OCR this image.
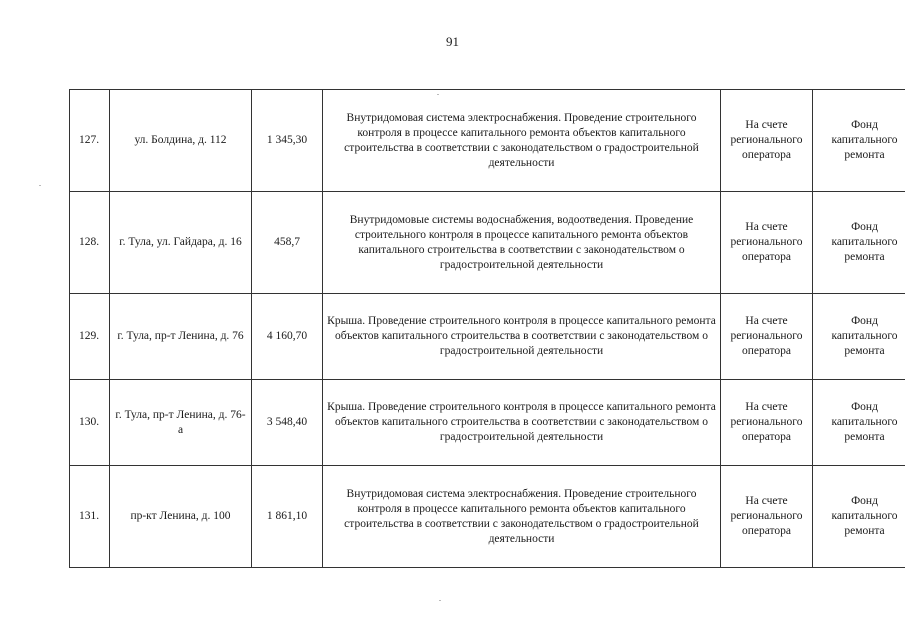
91
127.	ул. Болдина, д. 112	1 345,30	Внутридомовая система электроснабжения. Проведение строительного контроля в процессе капитального ремонта объектов капитального строительства в соответствии с законодательством о градостроительной деятельности	На счете регионального оператора	Фонд капитального ремонта
128.	г. Тула, ул. Гайдара, д. 16	458,7	Внутридомовые системы водоснабжения, водоотведения. Проведение строительного контроля в процессе капитального ремонта объектов капитального строительства в соответствии с законодательством о градостроительной деятельности	На счете регионального оператора	Фонд капитального ремонта
129.	г. Тула, пр-т Ленина, д. 76	4 160,70	Крыша. Проведение строительного контроля в процессе капитального ремонта объектов капитального строительства в соответствии с законодательством о градостроительной деятельности	На счете регионального оператора	Фонд капитального ремонта
130.	г. Тула, пр-т Ленина, д. 76-а	3 548,40	Крыша. Проведение строительного контроля в процессе капитального ремонта объектов капитального строительства в соответствии с законодательством о градостроительной деятельности	На счете регионального оператора	Фонд капитального ремонта
131.	пр-кт Ленина, д. 100	1 861,10	Внутридомовая система электроснабжения. Проведение строительного контроля в процессе капитального ремонта объектов капитального строительства в соответствии с законодательством о градостроительной деятельности	На счете регионального оператора	Фонд капитального ремонта
